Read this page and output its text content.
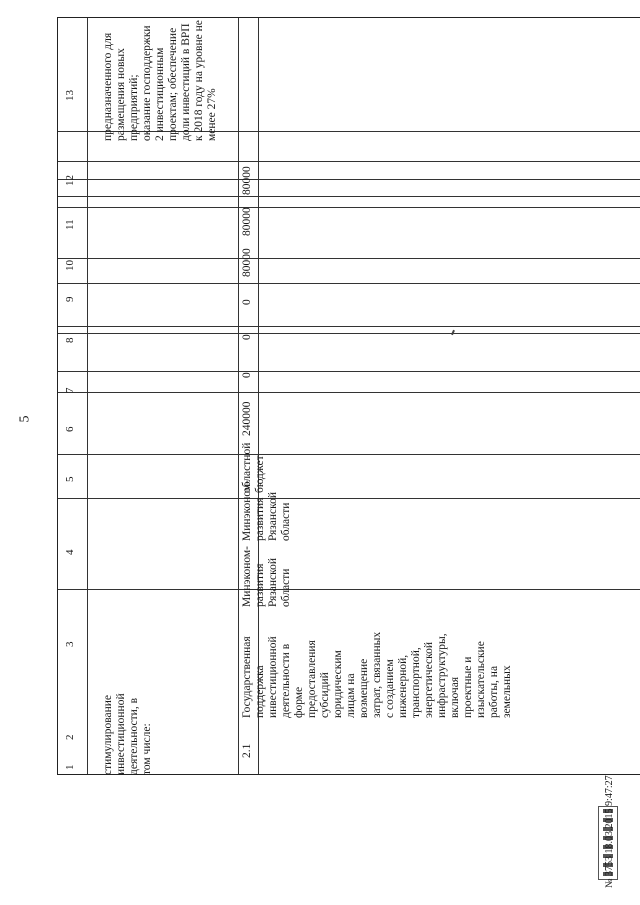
5
1
2
3
4
5
6
7
8
9
10
11
12
13
стимулирование
инвестиционной
деятельности, в
том числе:
предназначенного для
размещения новых
предприятий;
оказание господдержки
2 инвестиционным
проектам; обеспечение
доли инвестиций в ВРП
к 2018 году на уровне не
менее 27%
2.1
Государственная
поддержка
инвестиционной
деятельности в
форме
предоставления
субсидий
юридическим
лицам на
возмещение
затрат, связанных
с созданием
инженерной,
транспортной,
энергетической
инфраструктуры,
включая
проектные и
изыскательские
работы, на
земельных
Минэконом-
развития
Рязанской
области
Минэконом-
развития
Рязанской
области
областной
бюджет
240000
0
0
0
80000
80000
80000
№ 3753 18.03.2015 9:47:27
